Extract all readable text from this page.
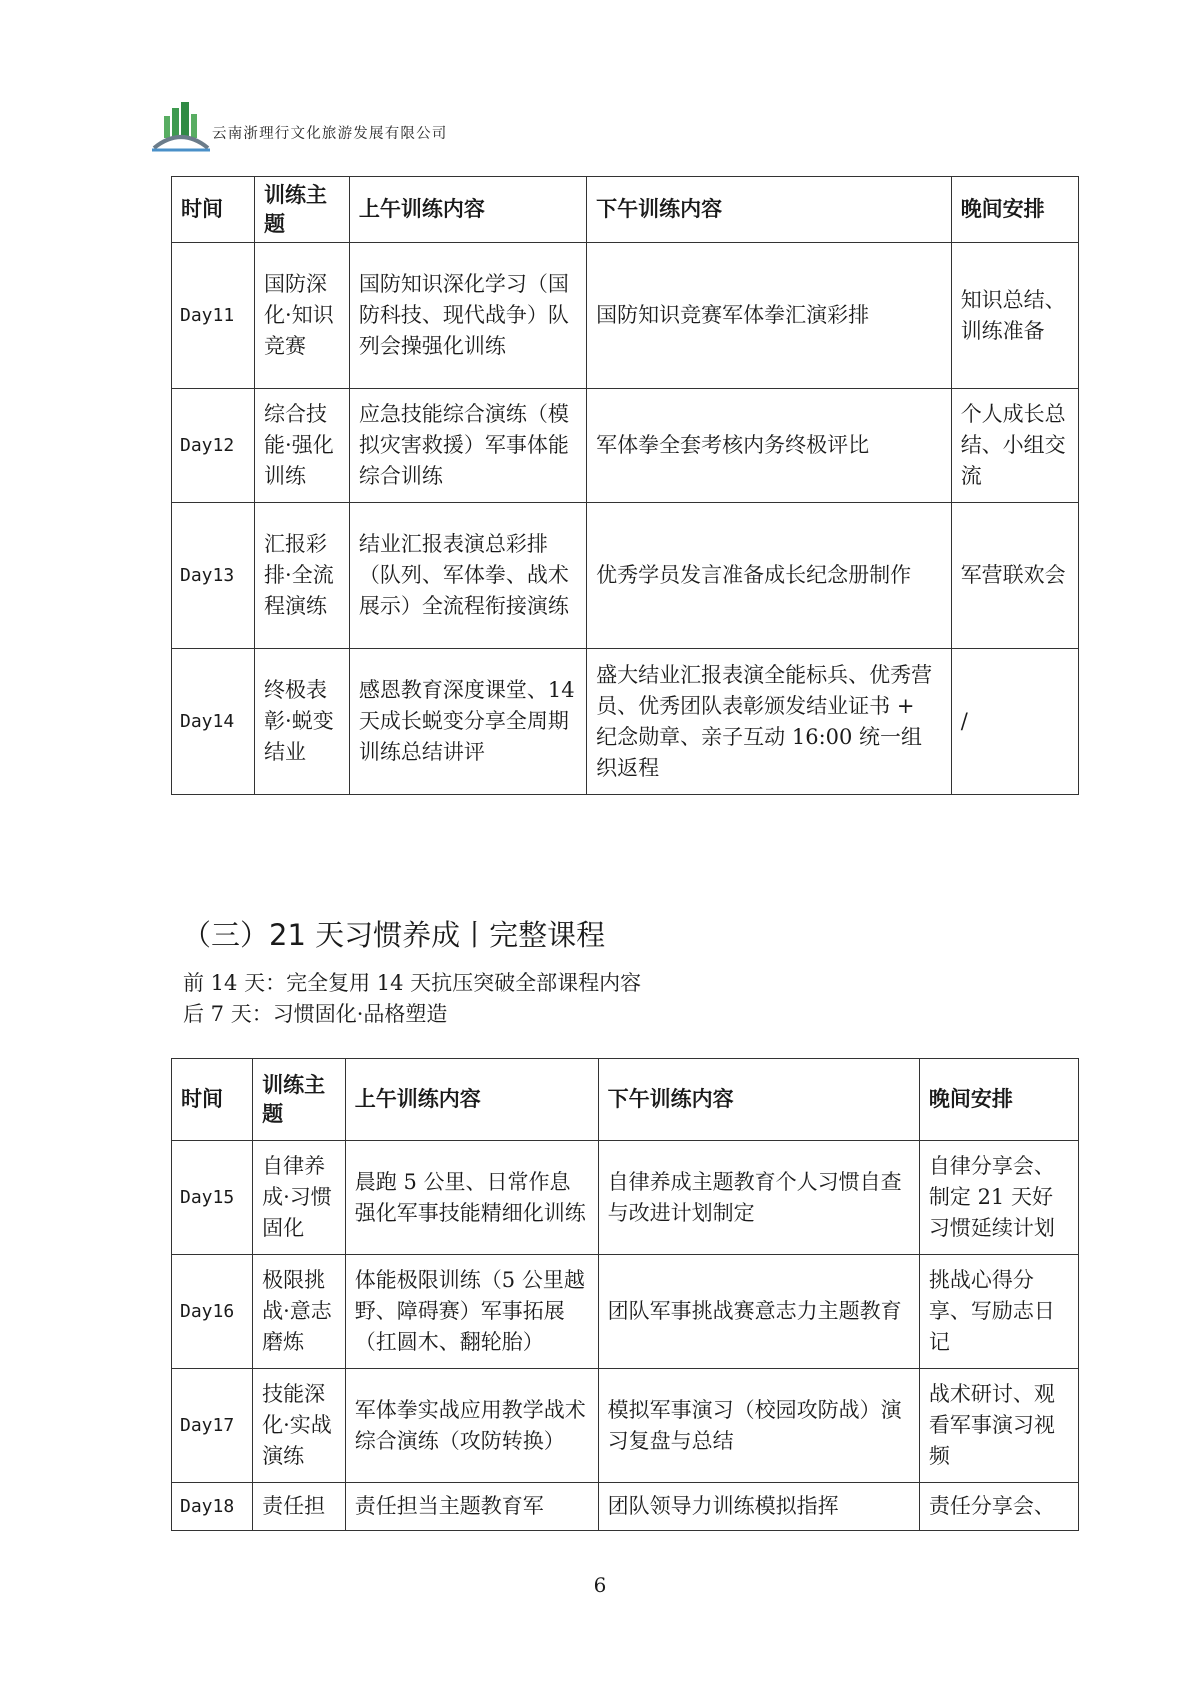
云南浙理行文化旅游发展有限公司
时间	训练主题	上午训练内容	下午训练内容	晚间安排
Day11	国防深化·知识竞赛	国防知识深化学习（国防科技、现代战争）队列会操强化训练	国防知识竞赛军体拳汇演彩排	知识总结、训练准备
Day12	综合技能·强化训练	应急技能综合演练（模拟灾害救援）军事体能综合训练	军体拳全套考核内务终极评比	个人成长总结、小组交流
Day13	汇报彩排·全流程演练	结业汇报表演总彩排（队列、军体拳、战术展示）全流程衔接演练	优秀学员发言准备成长纪念册制作	军营联欢会
Day14	终极表彰·蜕变结业	感恩教育深度课堂、14 天成长蜕变分享全周期训练总结讲评	盛大结业汇报表演全能标兵、优秀营员、优秀团队表彰颁发结业证书 + 纪念勋章、亲子互动 16:00 统一组织返程	/
（三）21 天习惯养成丨完整课程
前 14 天：完全复用 14 天抗压突破全部课程内容
后 7 天：习惯固化·品格塑造
时间	训练主题	上午训练内容	下午训练内容	晚间安排
Day15	自律养成·习惯固化	晨跑 5 公里、日常作息强化军事技能精细化训练	自律养成主题教育个人习惯自查与改进计划制定	自律分享会、制定 21 天好习惯延续计划
Day16	极限挑战·意志磨炼	体能极限训练（5 公里越野、障碍赛）军事拓展（扛圆木、翻轮胎）	团队军事挑战赛意志力主题教育	挑战心得分享、写励志日记
Day17	技能深化·实战演练	军体拳实战应用教学战术综合演练（攻防转换）	模拟军事演习（校园攻防战）演习复盘与总结	战术研讨、观看军事演习视频
Day18	责任担	责任担当主题教育军	团队领导力训练模拟指挥	责任分享会、
6
